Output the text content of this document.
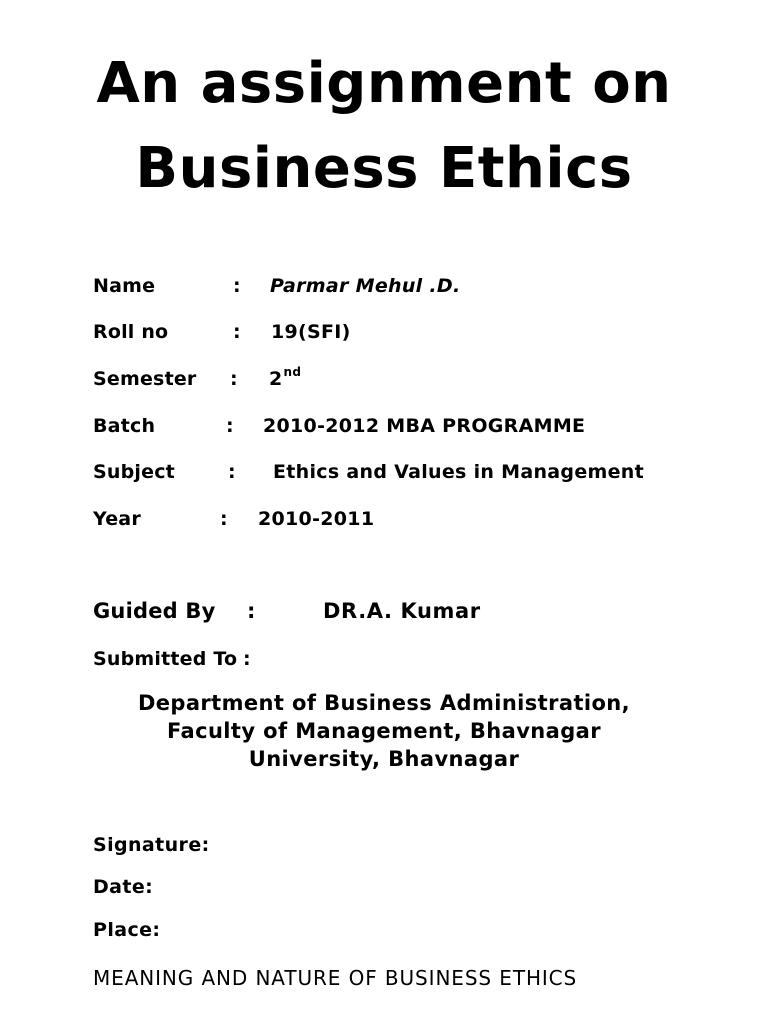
An assignment on
Business Ethics
Name	: Parmar Mehul .D.
Roll no	: 19(SFI)
Semester : 2nd
Batch	: 2010-2012 MBA PROGRAMME
Subject	: Ethics and Values in Management
Year	: 2010-2011
Guided By :	DR.A. Kumar
Submitted To :
Department of Business Administration,
Faculty of Management, Bhavnagar
University, Bhavnagar
Signature:
Date:
Place:
MEANING AND NATURE OF BUSINESS ETHICS
